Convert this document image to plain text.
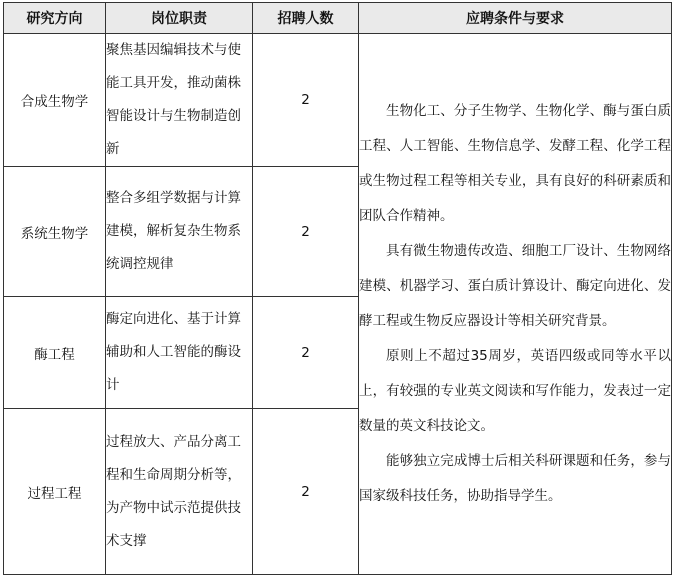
研究方向	岗位职责	招聘人数	应聘条件与要求
合成生物学	聚焦基因编辑技术与使能工具开发，推动菌株智能设计与生物制造创新	2	生物化工、分子生物学、生物化学、酶与蛋白质工程、人工智能、生物信息学、发酵工程、化学工程或生物过程工程等相关专业，具有良好的科研素质和团队合作精神。

具有微生物遗传改造、细胞工厂设计、生物网络建模、机器学习、蛋白质计算设计、酶定向进化、发酵工程或生物反应器设计等相关研究背景。

原则上不超过35周岁，英语四级或同等水平以上，有较强的专业英文阅读和写作能力，发表过一定数量的英文科技论文。

能够独立完成博士后相关科研课题和任务，参与国家级科技任务，协助指导学生。

系统生物学	整合多组学数据与计算建模，解析复杂生物系统调控规律	2	
酶工程	酶定向进化、基于计算辅助和人工智能的酶设计	2	
过程工程	过程放大、产品分离工程和生命周期分析等，为产物中试示范提供技术支撑	2	
